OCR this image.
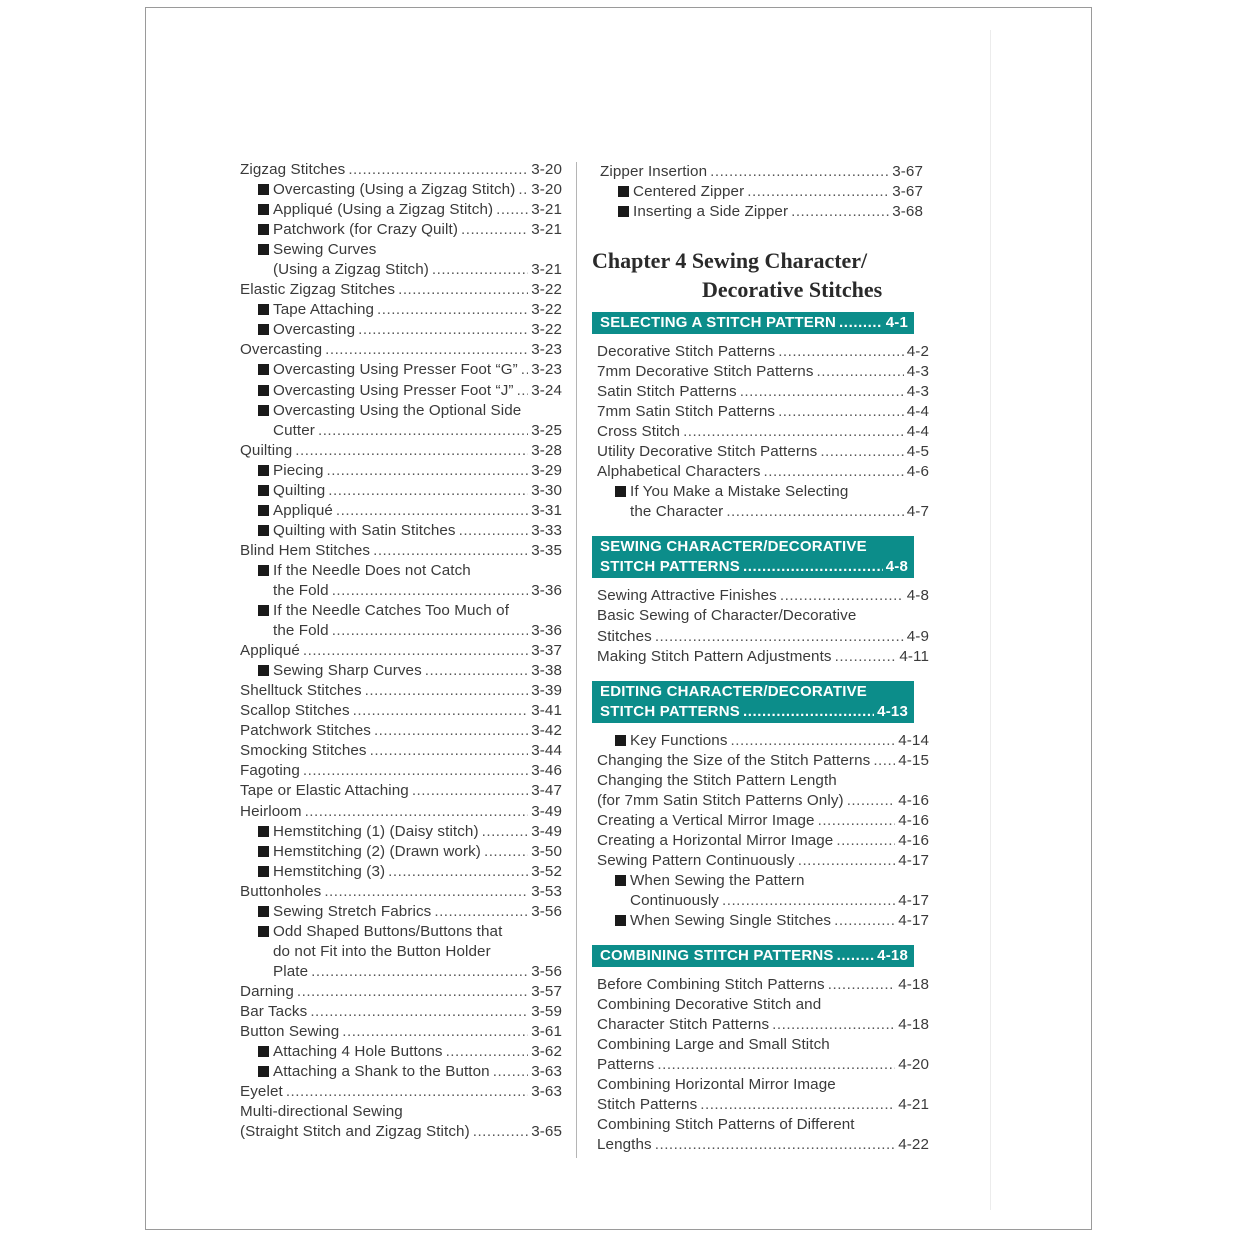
Zigzag Stitches .....	3-20
Overcasting (Using a Zigzag Stitch) ..... 3-20
Appliqué (Using a Zigzag Stitch) .....	3-21
Patchwork (for Crazy Quilt) .....	3-21
Sewing Curves
(Using a Zigzag Stitch) .....	3-21
Elastic Zigzag Stitches .....	3-22
Tape Attaching .....	3-22
Overcasting .....	3-22
Overcasting .....	3-23
Overcasting Using Presser Foot “G” ..... 3-23
Overcasting Using Presser Foot “J” ..... 3-24
Overcasting Using the Optional Side
Cutter .....	3-25
Quilting .....	3-28
Piecing .....	3-29
Quilting .....	3-30
Appliqué .....	3-31
Quilting with Satin Stitches .....	3-33
Blind Hem Stitches .....	3-35
If the Needle Does not Catch
the Fold .....	3-36
If the Needle Catches Too Much of
the Fold .....	3-36
Appliqué .....	3-37
Sewing Sharp Curves .....	3-38
Shelltuck Stitches .....	3-39
Scallop Stitches .....	3-41
Patchwork Stitches .....	3-42
Smocking Stitches .....	3-44
Fagoting .....	3-46
Tape or Elastic Attaching .....	3-47
Heirloom .....	3-49
Hemstitching (1) (Daisy stitch) .....	3-49
Hemstitching (2) (Drawn work) .....	3-50
Hemstitching (3) .....	3-52
Buttonholes .....	3-53
Sewing Stretch Fabrics .....	3-56
Odd Shaped Buttons/Buttons that
do not Fit into the Button Holder
Plate .....	3-56
Darning .....	3-57
Bar Tacks .....	3-59
Button Sewing .....	3-61
Attaching 4 Hole Buttons .....	3-62
Attaching a Shank to the Button .....	3-63
Eyelet .....	3-63
Multi-directional Sewing
(Straight Stitch and Zigzag Stitch) .....	3-65
Zipper Insertion .....	3-67
Centered Zipper .....	3-67
Inserting a Side Zipper .....	3-68
Chapter 4 Sewing Character/
Decorative Stitches
SELECTING A STITCH PATTERN .....	4-1
Decorative Stitch Patterns .....	4-2
7mm Decorative Stitch Patterns .....	4-3
Satin Stitch Patterns .....	4-3
7mm Satin Stitch Patterns .....	4-4
Cross Stitch .....	4-4
Utility Decorative Stitch Patterns .....	4-5
Alphabetical Characters .....	4-6
If You Make a Mistake Selecting
the Character .....	4-7
SEWING CHARACTER/DECORATIVE
STITCH PATTERNS .....	4-8
Sewing Attractive Finishes .....	4-8
Basic Sewing of Character/Decorative
Stitches .....	4-9
Making Stitch Pattern Adjustments .....	4-11
EDITING CHARACTER/DECORATIVE
STITCH PATTERNS .....	4-13
Key Functions .....	4-14
Changing the Size of the Stitch Patterns ..... 4-15
Changing the Stitch Pattern Length
(for 7mm Satin Stitch Patterns Only) .....	4-16
Creating a Vertical Mirror Image .....	4-16
Creating a Horizontal Mirror Image .....	4-16
Sewing Pattern Continuously .....	4-17
When Sewing the Pattern
Continuously .....	4-17
When Sewing Single Stitches .....	4-17
COMBINING STITCH PATTERNS .....	4-18
Before Combining Stitch Patterns .....	4-18
Combining Decorative Stitch and
Character Stitch Patterns .....	4-18
Combining Large and Small Stitch
Patterns .....	4-20
Combining Horizontal Mirror Image
Stitch Patterns .....	4-21
Combining Stitch Patterns of Different
Lengths .....	4-22
